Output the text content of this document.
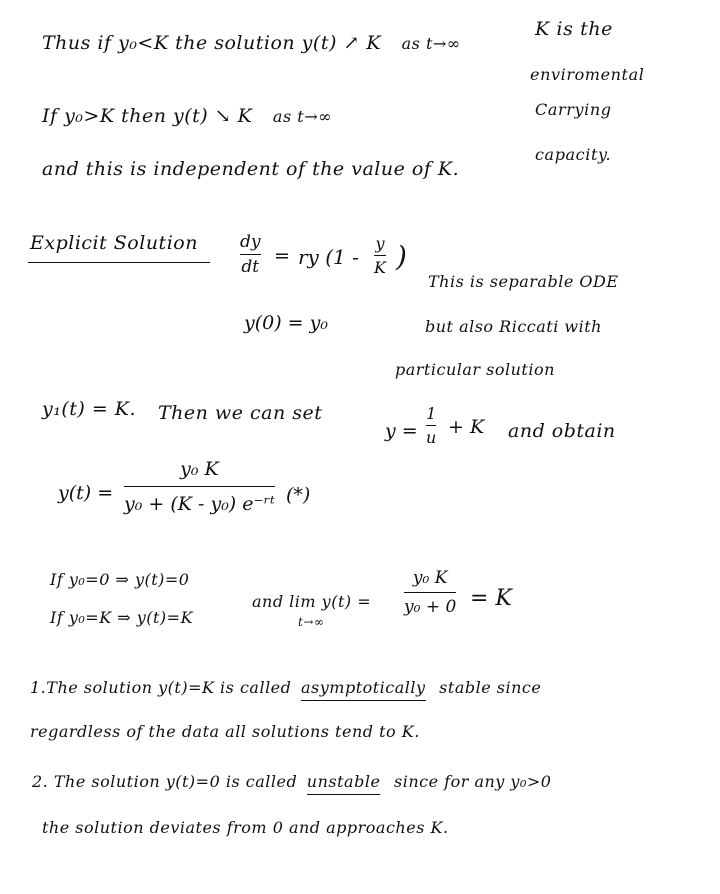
K is the
enviromental
Carrying
capacity.
Thus if y₀<K the solution y(t) ↗ K as t→∞
If y₀>K then y(t) ↘ K as t→∞
and this is independent of the value of K.
Explicit Solution dy
dt = ry (1 -
y
K )
y(0) = y₀
This is separable ODE
but also Riccati with
particular solution
y₁(t) = K. Then we can set
y =
1
u + K and obtain
y(t) =
y₀ K
y₀ + (K - y₀) e⁻ʳᵗ (*)
If y₀=0 ⇒ y(t)=0
If y₀=K ⇒ y(t)=K
and lim y(t) =
t→∞
y₀ K
y₀ + 0 = K
1.The solution y(t)=K is called asymptotically stable since
regardless of the data all solutions tend to K.
2. The solution y(t)=0 is called unstable since for any y₀>0
the solution deviates from 0 and approaches K.
